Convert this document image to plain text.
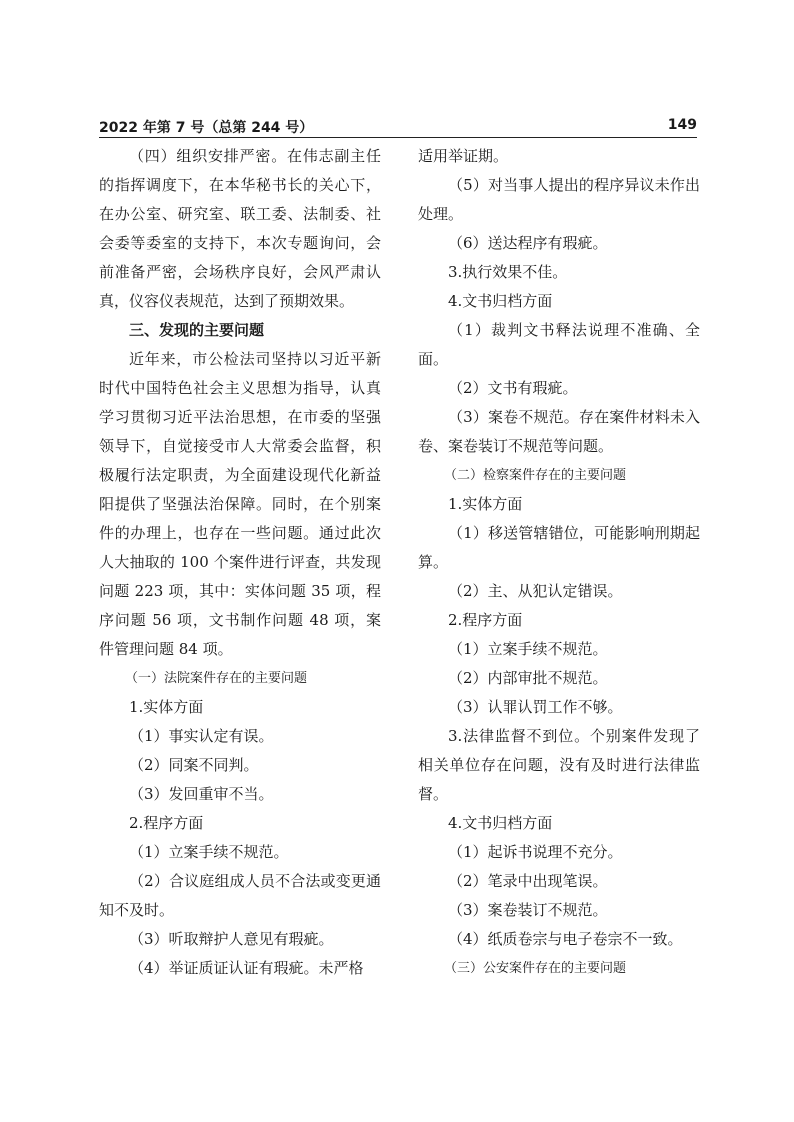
2022 年第 7 号（总第 244 号）	149

（四）组织安排严密。在伟志副主任的指挥调度下，在本华秘书长的关心下，在办公室、研究室、联工委、法制委、社会委等委室的支持下，本次专题询问，会前准备严密，会场秩序良好，会风严肃认真，仪容仪表规范，达到了预期效果。

三、发现的主要问题

近年来，市公检法司坚持以习近平新时代中国特色社会主义思想为指导，认真学习贯彻习近平法治思想，在市委的坚强领导下，自觉接受市人大常委会监督，积极履行法定职责，为全面建设现代化新益阳提供了坚强法治保障。同时，在个别案件的办理上，也存在一些问题。通过此次人大抽取的 100 个案件进行评查，共发现问题 223 项，其中：实体问题 35 项，程序问题 56 项，文书制作问题 48 项，案件管理问题 84 项。

（一）法院案件存在的主要问题

1.实体方面

（1）事实认定有误。

（2）同案不同判。

（3）发回重审不当。

2.程序方面

（1）立案手续不规范。

（2）合议庭组成人员不合法或变更通知不及时。

（3）听取辩护人意见有瑕疵。

（4）举证质证认证有瑕疵。未严格

适用举证期。

（5）对当事人提出的程序异议未作出处理。

（6）送达程序有瑕疵。

3.执行效果不佳。

4.文书归档方面

（1）裁判文书释法说理不准确、全面。

（2）文书有瑕疵。

（3）案卷不规范。存在案件材料未入卷、案卷装订不规范等问题。

（二）检察案件存在的主要问题

1.实体方面

（1）移送管辖错位，可能影响刑期起算。

（2）主、从犯认定错误。

2.程序方面

（1）立案手续不规范。

（2）内部审批不规范。

（3）认罪认罚工作不够。

3.法律监督不到位。个别案件发现了相关单位存在问题，没有及时进行法律监督。

4.文书归档方面

（1）起诉书说理不充分。

（2）笔录中出现笔误。

（3）案卷装订不规范。

（4）纸质卷宗与电子卷宗不一致。

（三）公安案件存在的主要问题
